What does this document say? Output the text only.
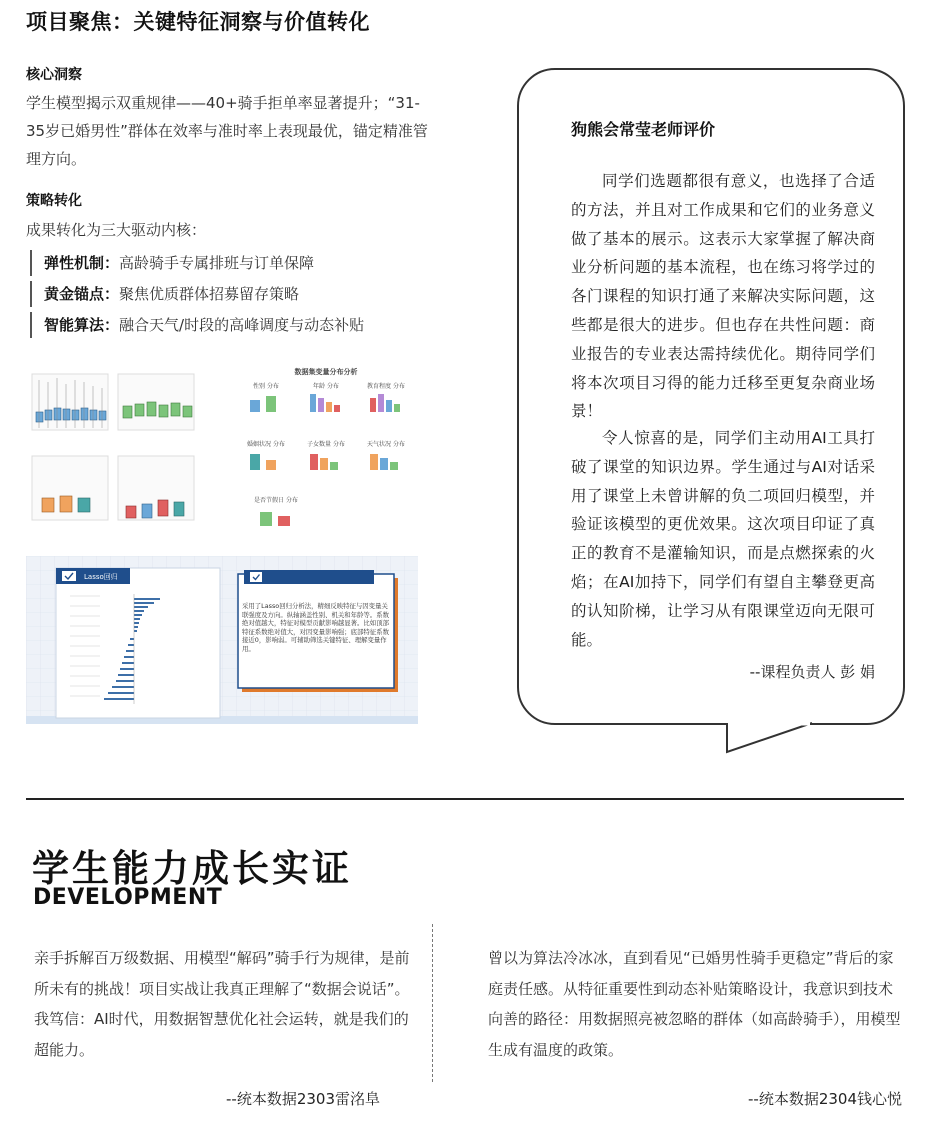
项目聚焦：关键特征洞察与价值转化
核心洞察
学生模型揭示双重规律——40+骑手拒单率显著提升；“31-35岁已婚男性”群体在效率与准时率上表现最优，锚定精准管理方向。
策略转化
成果转化为三大驱动内核：
弹性机制：高龄骑手专属排班与订单保障
黄金锚点：聚焦优质群体招募留存策略
智能算法：融合天气/时段的高峰调度与动态补贴
数据集变量分布分析
性别 分布	年龄 分布	教育程度 分布
婚姻状况 分布	子女数量 分布	天气状况 分布
是否节假日 分布
Lasso回归
采用了Lasso回归分析法，精细反映特征与因变量关联强度及方向。纵轴涵盖性别、机关和年龄等。系数绝对值越大，特征对模型贡献影响越显著。比如顶部特征系数绝对值大，对因变量影响强；底部特征系数接近0，影响弱。可辅助筛选关键特征、理解变量作用。
狗熊会常莹老师评价
同学们选题都很有意义，也选择了合适的方法，并且对工作成果和它们的业务意义做了基本的展示。这表示大家掌握了解决商业分析问题的基本流程，也在练习将学过的各门课程的知识打通了来解决实际问题，这些都是很大的进步。但也存在共性问题：商业报告的专业表达需持续优化。期待同学们将本次项目习得的能力迁移至更复杂商业场景！
令人惊喜的是，同学们主动用AI工具打破了课堂的知识边界。学生通过与AI对话采用了课堂上未曾讲解的负二项回归模型，并验证该模型的更优效果。这次项目印证了真正的教育不是灌输知识，而是点燃探索的火焰；在AI加持下，同学们有望自主攀登更高的认知阶梯，让学习从有限课堂迈向无限可能。
--课程负责人 彭 娟
学生能力成长实证
DEVELOPMENT
亲手拆解百万级数据、用模型“解码”骑手行为规律，是前所未有的挑战！项目实战让我真正理解了“数据会说话”。我笃信：AI时代，用数据智慧优化社会运转，就是我们的超能力。
--统本数据2303雷洺阜
曾以为算法冷冰冰，直到看见“已婚男性骑手更稳定”背后的家庭责任感。从特征重要性到动态补贴策略设计，我意识到技术向善的路径：用数据照亮被忽略的群体（如高龄骑手），用模型生成有温度的政策。
--统本数据2304钱心悦
